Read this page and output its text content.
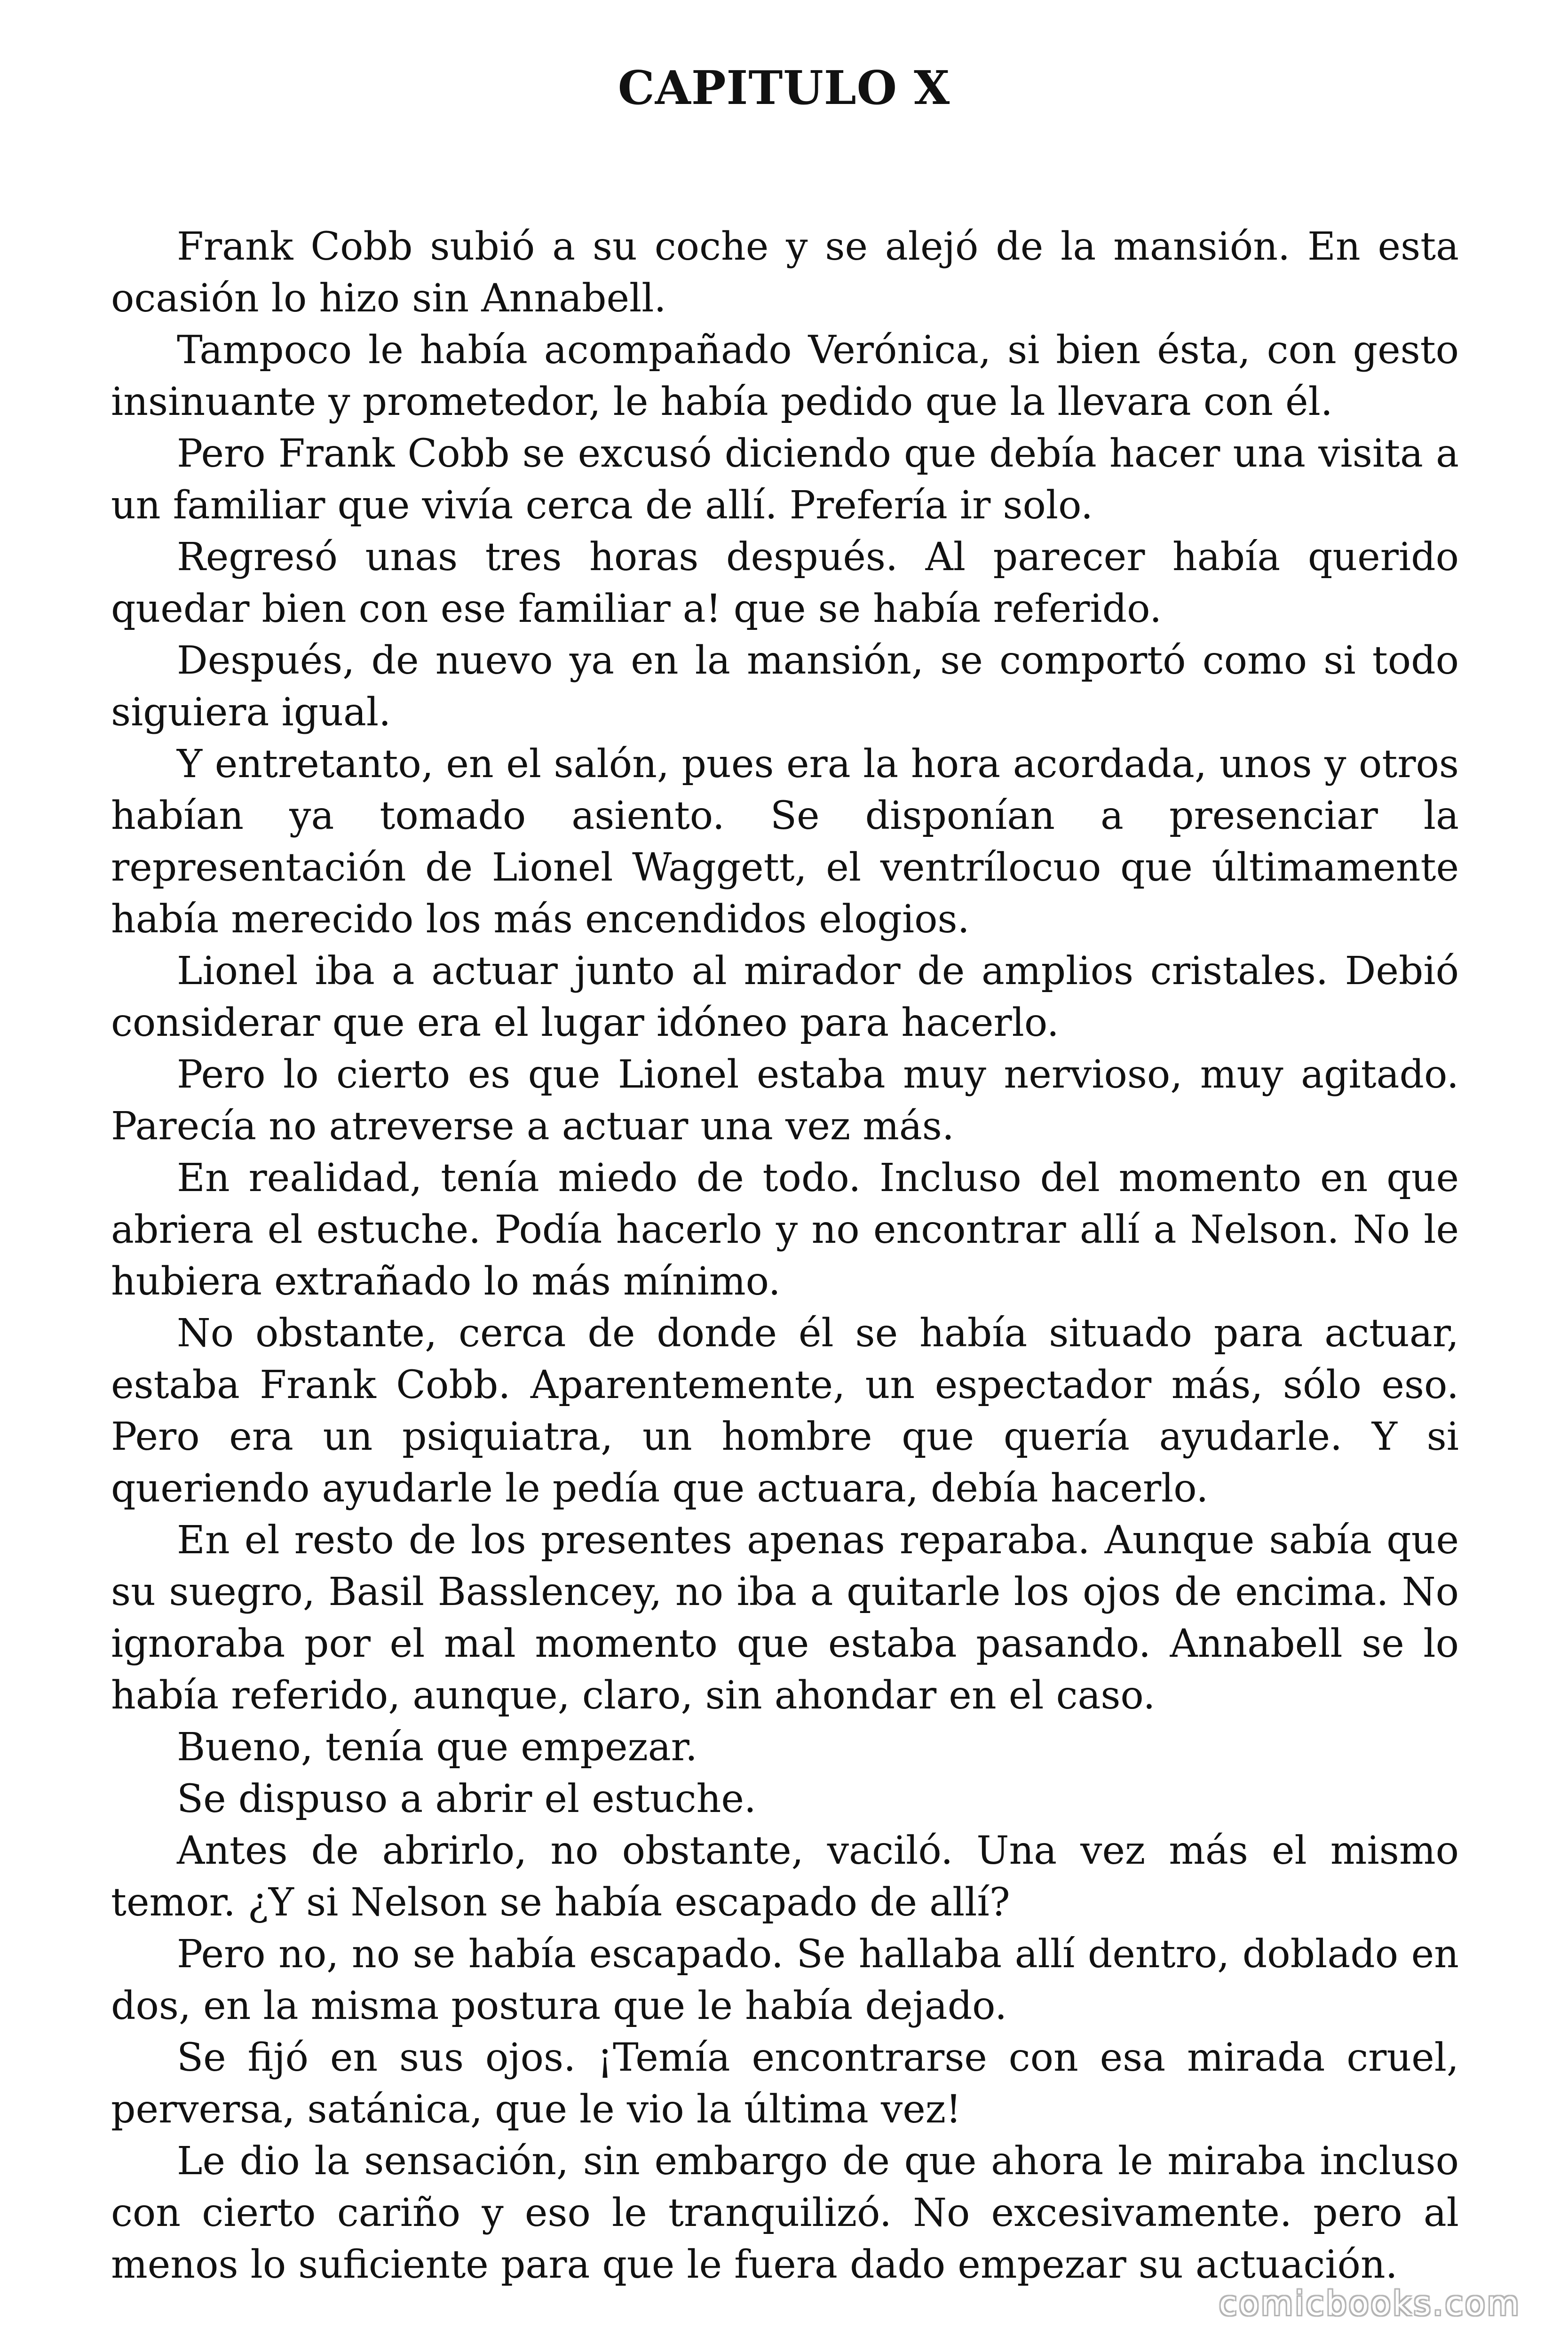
CAPITULO X

Frank Cobb subió a su coche y se alejó de la mansión. En esta ocasión lo hizo sin Annabell.

Tampoco le había acompañado Verónica, si bien ésta, con gesto insinuante y prometedor, le había pedido que la llevara con él.

Pero Frank Cobb se excusó diciendo que debía hacer una visita a un familiar que vivía cerca de allí. Prefería ir solo.

Regresó unas tres horas después. Al parecer había querido quedar bien con ese familiar a! que se había referido.

Después, de nuevo ya en la mansión, se comportó como si todo siguiera igual.

Y entretanto, en el salón, pues era la hora acordada, unos y otros habían ya tomado asiento. Se disponían a presenciar la representación de Lionel Waggett, el ventrílocuo que últimamente había merecido los más encendidos elogios.

Lionel iba a actuar junto al mirador de amplios cristales. Debió considerar que era el lugar idóneo para hacerlo.

Pero lo cierto es que Lionel estaba muy nervioso, muy agitado. Parecía no atreverse a actuar una vez más.

En realidad, tenía miedo de todo. Incluso del momento en que abriera el estuche. Podía hacerlo y no encontrar allí a Nelson. No le hubiera extrañado lo más mínimo.

No obstante, cerca de donde él se había situado para actuar, estaba Frank Cobb. Aparentemente, un espectador más, sólo eso. Pero era un psiquiatra, un hombre que quería ayudarle. Y si queriendo ayudarle le pedía que actuara, debía hacerlo.

En el resto de los presentes apenas reparaba. Aunque sabía que su suegro, Basil Basslencey, no iba a quitarle los ojos de encima. No ignoraba por el mal momento que estaba pasando. Annabell se lo había referido, aunque, claro, sin ahondar en el caso.

Bueno, tenía que empezar.

Se dispuso a abrir el estuche.

Antes de abrirlo, no obstante, vaciló. Una vez más el mismo temor. ¿Y si Nelson se había escapado de allí?

Pero no, no se había escapado. Se hallaba allí dentro, doblado en dos, en la misma postura que le había dejado.

Se fijó en sus ojos. ¡Temía encontrarse con esa mirada cruel, perversa, satánica, que le vio la última vez!

Le dio la sensación, sin embargo de que ahora le miraba incluso con cierto cariño y eso le tranquilizó. No excesivamente. pero al menos lo suficiente para que le fuera dado empezar su actuación.

comicbooks.com
